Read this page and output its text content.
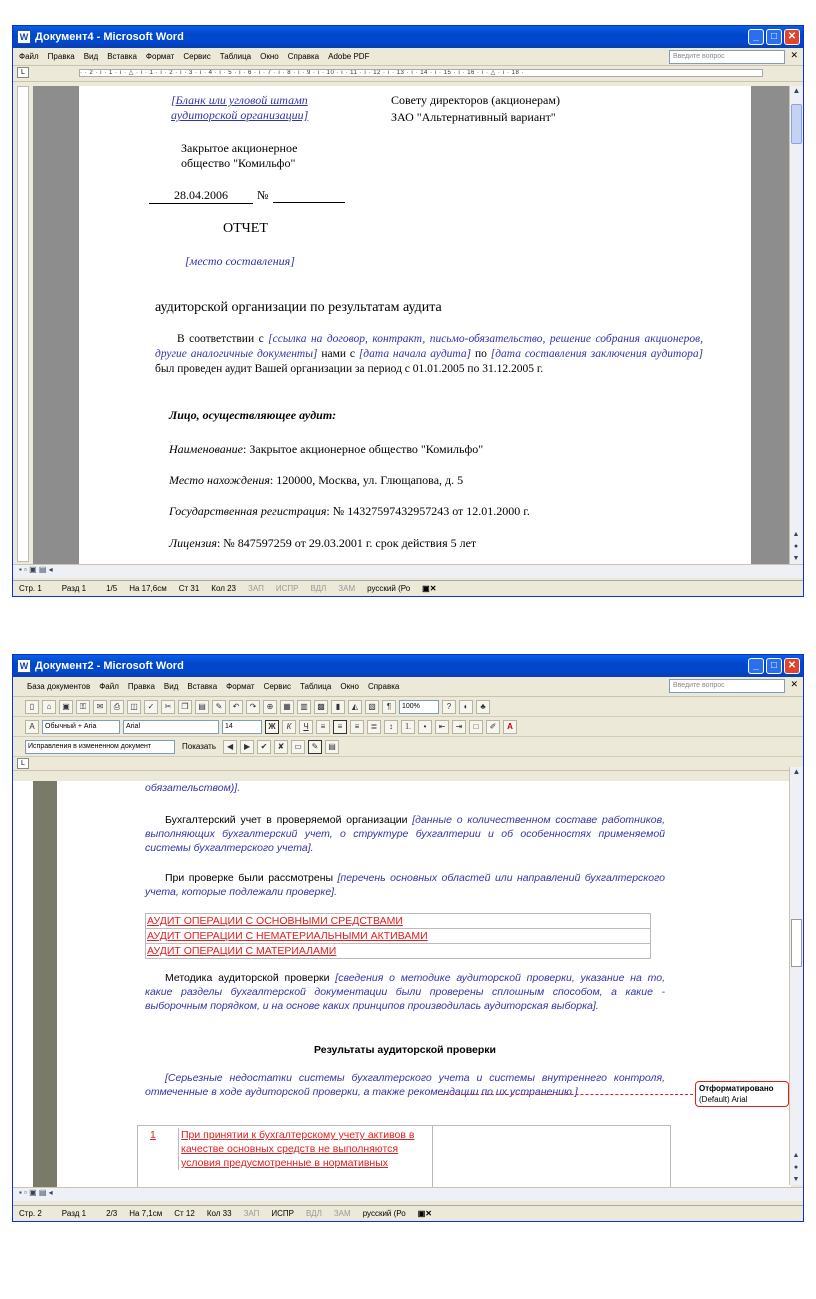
W Документ4 - Microsoft Word	_	□	✕
Файл Правка Вид Вставка Формат Сервис Таблица Окно Справка Adobe PDF	Введите вопрос	✕
L	· · 2 · ı · 1 · ı · △ · ı · 1 · ı · 2 · ı · 3 · ı · 4 · ı · 5 · ı · 6 · ı · 7 · ı · 8 · ı · 9 · ı · 10 · ı · 11 · ı · 12 · ı · 13 · ı · 14 · ı · 15 · ı · 16 · ı · △ · ı · 18 ·
[Бланк или угловой штамп аудиторской организации]
Совету директоров (акционерам)
ЗАО "Альтернативный вариант"
Закрытое акционерное
общество "Комильфо"
28.04.2006	№
ОТЧЕТ
[место составления]
аудиторской организации по результатам аудита
В соответствии с [ссылка на договор, контракт, письмо-обязательство, решение собрания акционеров, другие аналогичные документы] нами с [дата начала аудита] по [дата составления заключения аудитора] был проведен аудит Вашей организации за период с 01.01.2005 по 31.12.2005 г.
Лицо, осуществляющее аудит:
Наименование: Закрытое акционерное общество "Комильфо"
Место нахождения: 120000, Москва, ул. Глющапова, д. 5
Государственная регистрация: № 14327597432957243 от 12.01.2000 г.
Лицензия: № 847597259 от 29.03.2001 г. срок действия 5 лет
▲
▲
●
▼
▪ ▫ ▣ ▤ ◂
Стр. 1	Разд 1	1/5	На 17,6см	Ст 31	Кол 23	ЗАП	ИСПР	ВДЛ	ЗАМ	русский (Ро	▣✕
W Документ2 - Microsoft Word	_	□	✕
База документов Файл Правка Вид Вставка Формат Сервис Таблица Окно Справка	Введите вопрос	✕
▯	⌂	▣	⚿	✉	⎙	◫	✓	✂	❐	▤	✎	↶	↷	⊕	▦	▥	▩	▮	◭	▧	¶	100%	?	◐	♣
A	Обычный + Aria	Arial	14	Ж	К	Ч	≡	≡	≡	≣	↕	⒈	•	⇤	⇥	□	✐	A
Исправления в измененном документ	Показать	◀	▶	✔	✘	▭	✎	▤
L
обязательством)].
Бухгалтерский учет в проверяемой организации [данные о количественном составе работников, выполняющих бухгалтерский учет, о структуре бухгалтерии и об особенностях применяемой системы бухгалтерского учета].
При проверке были рассмотрены [перечень основных областей или направлений бухгалтерского учета, которые подлежали проверке].
АУДИТ ОПЕРАЦИИ С ОСНОВНЫМИ СРЕДСТВАМИ
АУДИТ ОПЕРАЦИИ С НЕМАТЕРИАЛЬНЫМИ АКТИВАМИ
АУДИТ ОПЕРАЦИИ С МАТЕРИАЛАМИ
Методика аудиторской проверки [сведения о методике аудиторской проверки, указание на то, какие разделы бухгалтерской документации были проверены сплошным способом, а какие - выборочным порядком, и на основе каких принципов производилась аудиторская выборка].
Результаты аудиторской проверки
[Серьезные недостатки системы бухгалтерского учета и системы внутреннего контроля, отмеченные в ходе аудиторской проверки, а также рекомендации по их устранению.]
1 При принятии к бухгалтерскому учету активов в качестве основных средств не выполняются условия предусмотренные в нормативных
Отформатировано
(Default) Arial
▲
▲
●
▼
▪ ▫ ▣ ▤ ◂
Стр. 2	Разд 1	2/3	На 7,1см	Ст 12	Кол 33	ЗАП	ИСПР	ВДЛ	ЗАМ	русский (Ро	▣✕
